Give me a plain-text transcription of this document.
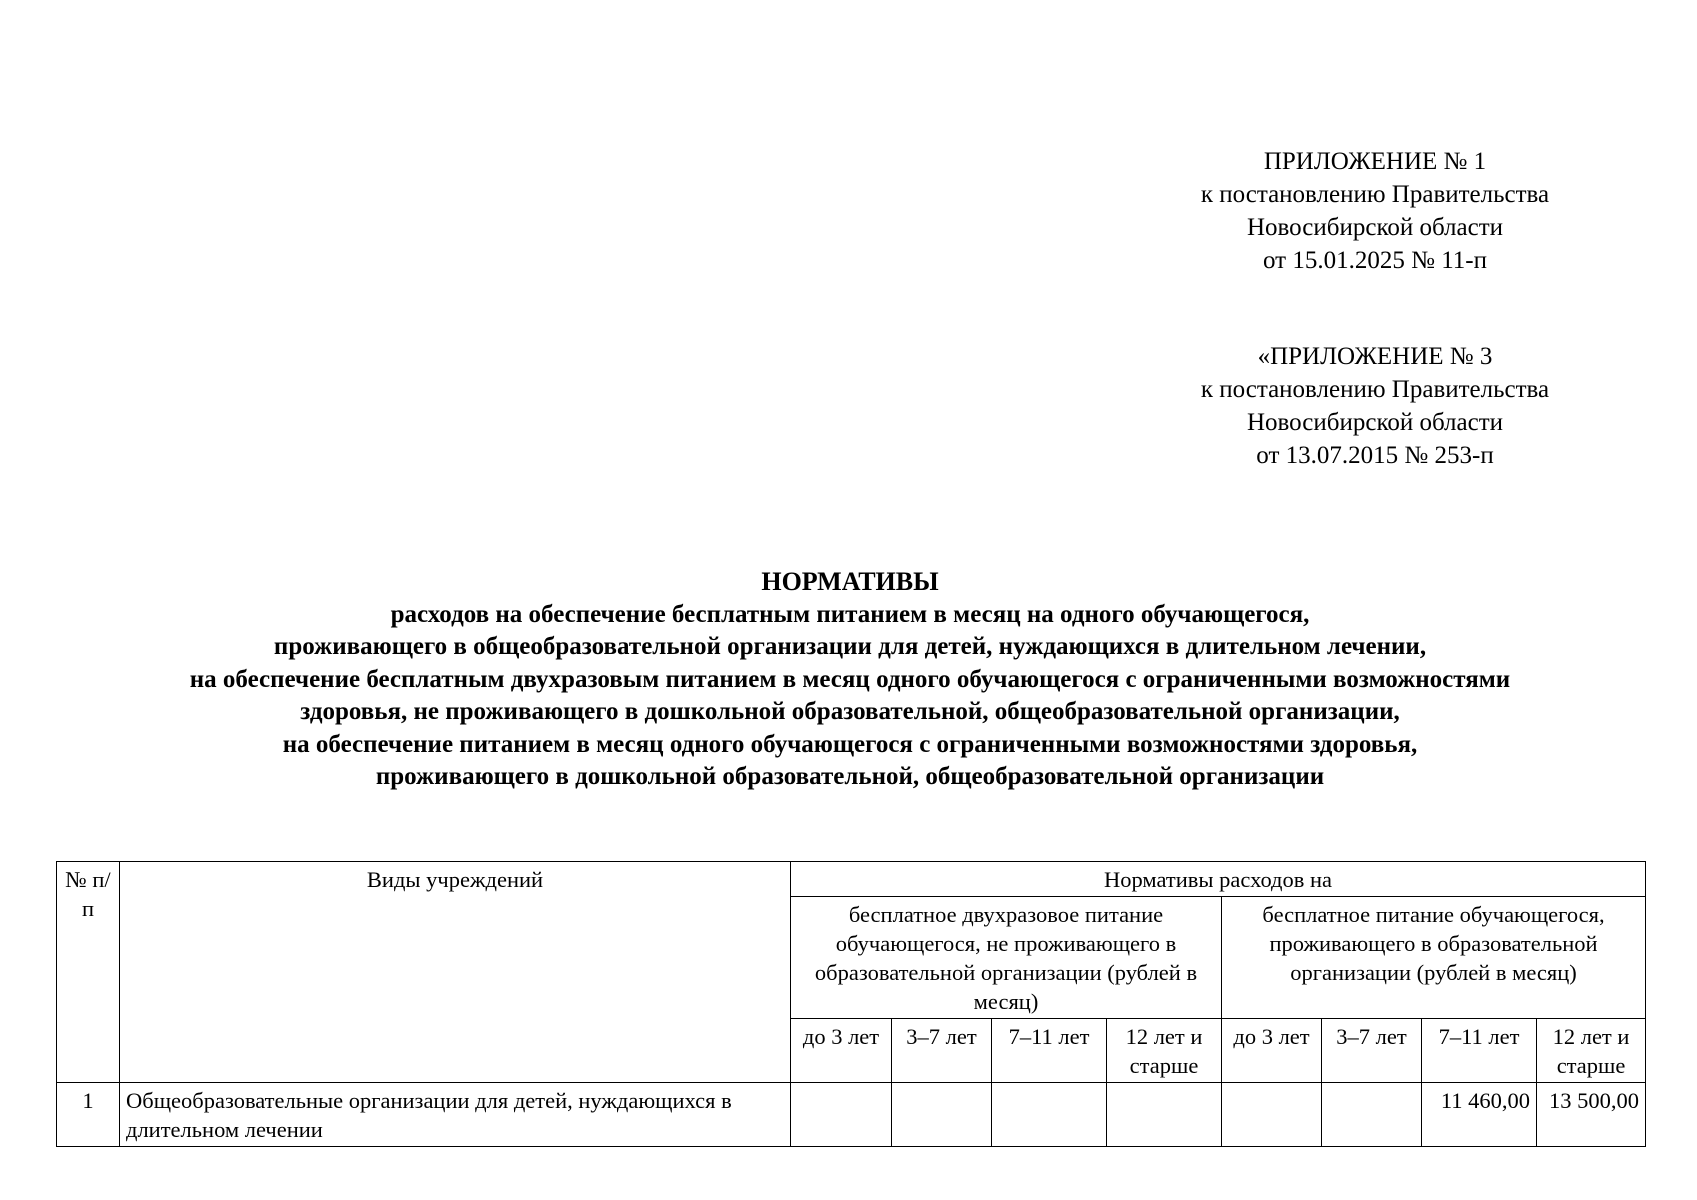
ПРИЛОЖЕНИЕ № 1
к постановлению Правительства
Новосибирской области
от 15.01.2025 № 11-п
«ПРИЛОЖЕНИЕ № 3
к постановлению Правительства
Новосибирской области
от 13.07.2015 № 253-п
НОРМАТИВЫ
расходов на обеспечение бесплатным питанием в месяц на одного обучающегося,
проживающего в общеобразовательной организации для детей, нуждающихся в длительном лечении,
на обеспечение бесплатным двухразовым питанием в месяц одного обучающегося с ограниченными возможностями
здоровья, не проживающего в дошкольной образовательной, общеобразовательной организации,
на обеспечение питанием в месяц одного обучающегося с ограниченными возможностями здоровья,
проживающего в дошкольной образовательной, общеобразовательной организации
№ п/п	Виды учреждений	Нормативы расходов на							
		бесплатное двухразовое питание обучающегося, не проживающего в образовательной организации (рублей в месяц)				бесплатное питание обучающегося, проживающего в образовательной организации (рублей в месяц)			
		до 3 лет	3–7 лет	7–11 лет	12 лет и старше	до 3 лет	3–7 лет	7–11 лет	12 лет и старше
1	Общеобразовательные организации для детей, нуждающихся в длительном лечении							11 460,00	13 500,00
